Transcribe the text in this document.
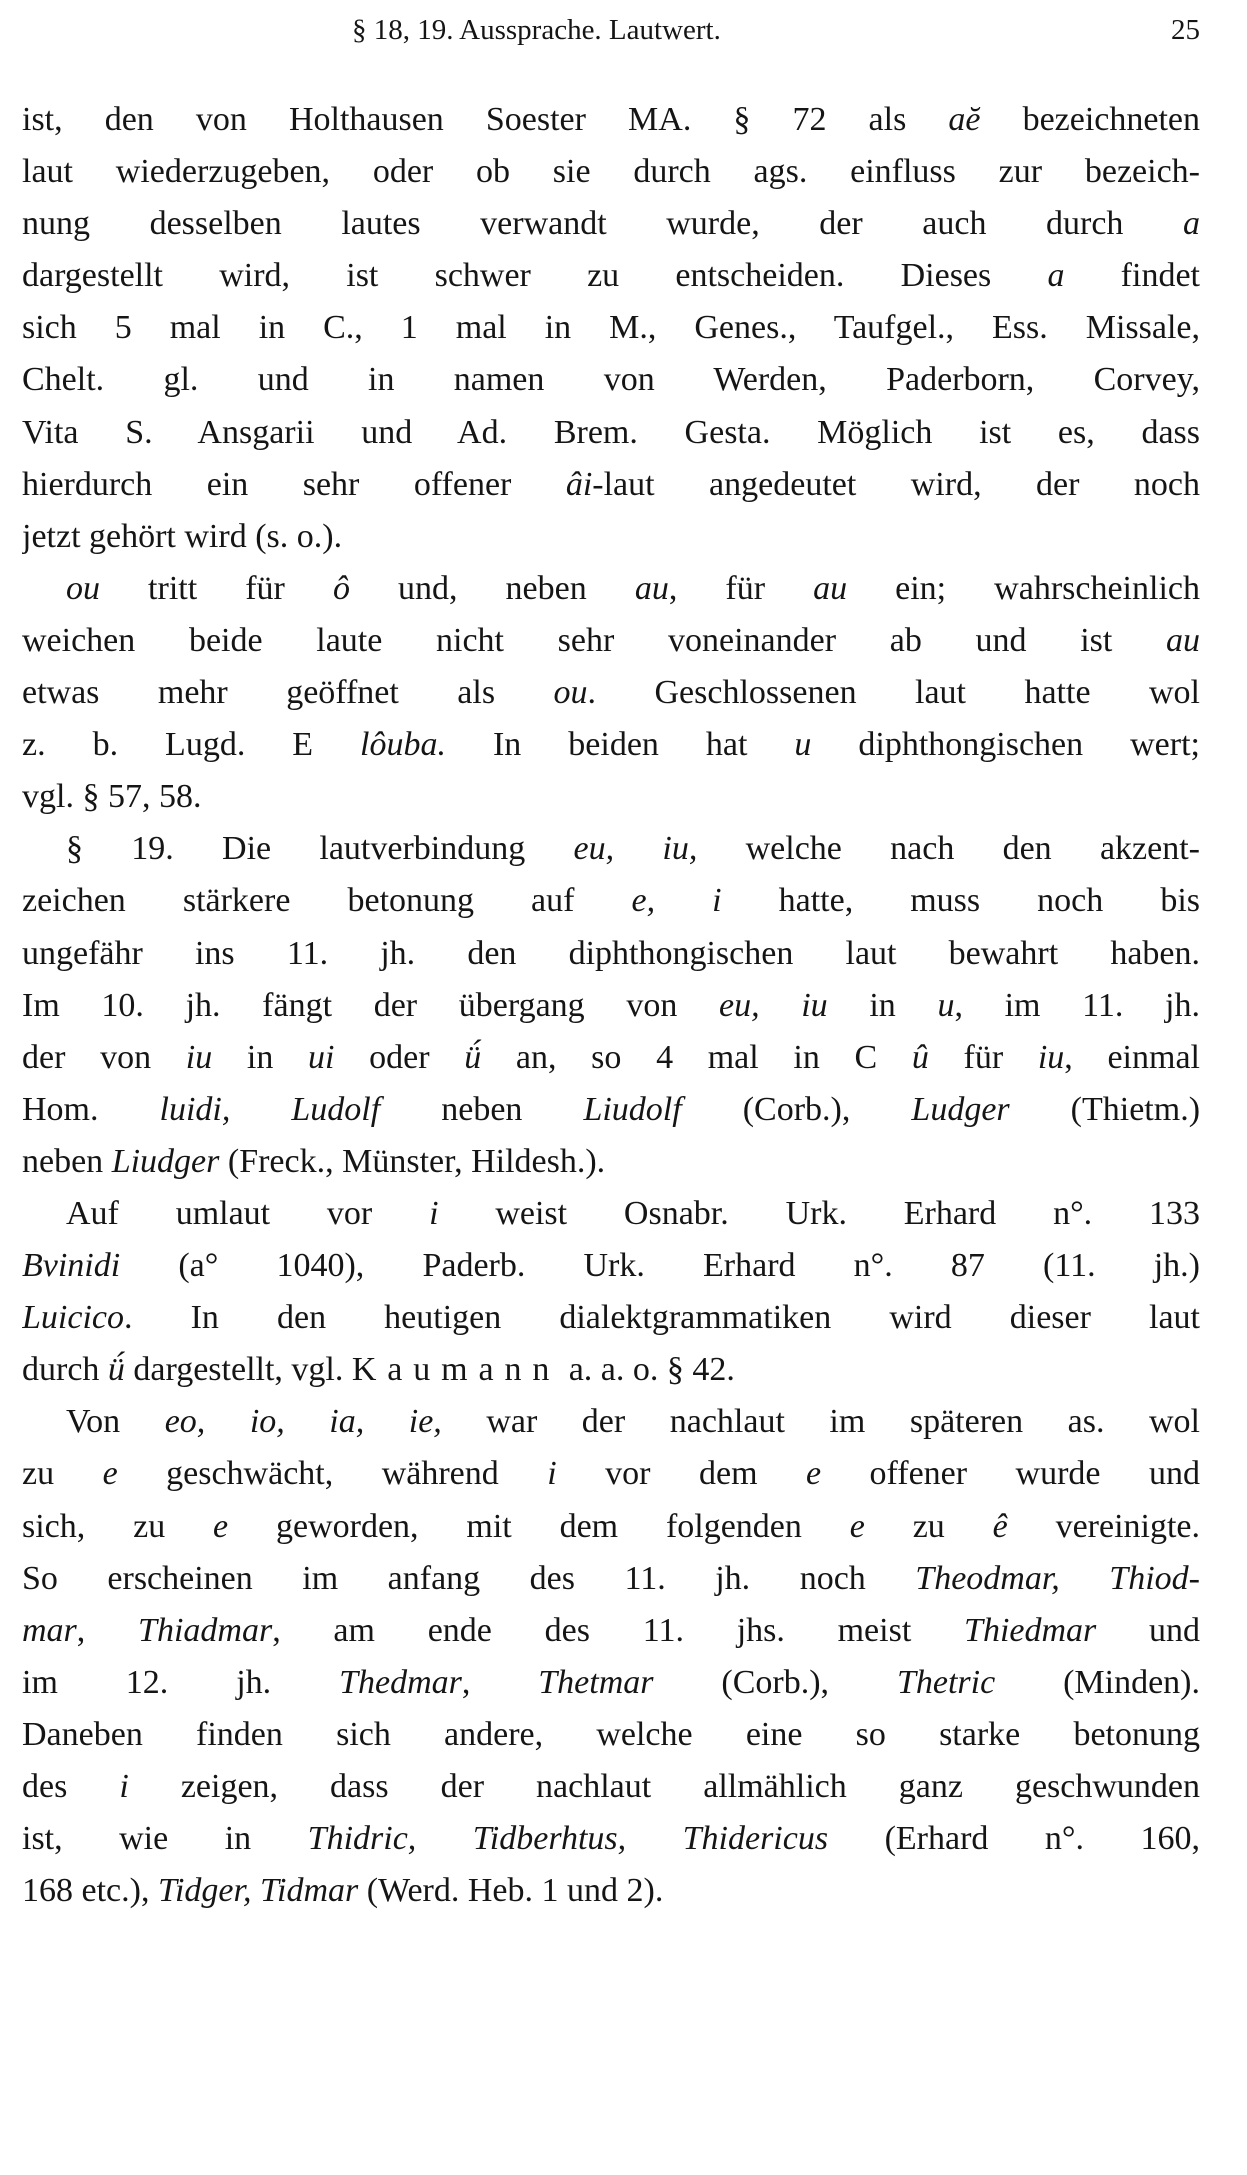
§ 18, 19. Aussprache. Lautwert.	25
ist, den von Holthausen Soester MA. § 72 als aĕ bezeichneten
laut wiederzugeben, oder ob sie durch ags. einfluss zur bezeich-
nung desselben lautes verwandt wurde, der auch durch a
dargestellt wird, ist schwer zu entscheiden. Dieses a findet
sich 5 mal in C., 1 mal in M., Genes., Taufgel., Ess. Missale,
Chelt. gl. und in namen von Werden, Paderborn, Corvey,
Vita S. Ansgarii und Ad. Brem. Gesta. Möglich ist es, dass
hierdurch ein sehr offener âi-laut angedeutet wird, der noch
jetzt gehört wird (s. o.).
ou tritt für ô und, neben au, für au ein; wahrscheinlich
weichen beide laute nicht sehr voneinander ab und ist au
etwas mehr geöffnet als ou. Geschlossenen laut hatte wol
z. b. Lugd. E lôuba. In beiden hat u diphthongischen wert;
vgl. § 57, 58.
§ 19. Die lautverbindung eu, iu, welche nach den akzent-
zeichen stärkere betonung auf e, i hatte, muss noch bis
ungefähr ins 11. jh. den diphthongischen laut bewahrt haben.
Im 10. jh. fängt der übergang von eu, iu in u, im 11. jh.
der von iu in ui oder ǘ an, so 4 mal in C û für iu, einmal
Hom. luidi, Ludolf neben Liudolf (Corb.), Ludger (Thietm.)
neben Liudger (Freck., Münster, Hildesh.).
Auf umlaut vor i weist Osnabr. Urk. Erhard n°. 133
Bvinidi (a° 1040), Paderb. Urk. Erhard n°. 87 (11. jh.)
Luicico. In den heutigen dialektgrammatiken wird dieser laut
durch ǘ dargestellt, vgl. Kaumann a. a. o. § 42.
Von eo, io, ia, ie, war der nachlaut im späteren as. wol
zu e geschwächt, während i vor dem e offener wurde und
sich, zu e geworden, mit dem folgenden e zu ê vereinigte.
So erscheinen im anfang des 11. jh. noch Theodmar, Thiod-
mar, Thiadmar, am ende des 11. jhs. meist Thiedmar und
im 12. jh. Thedmar, Thetmar (Corb.), Thetric (Minden).
Daneben finden sich andere, welche eine so starke betonung
des i zeigen, dass der nachlaut allmählich ganz geschwunden
ist, wie in Thidric, Tidberhtus, Thidericus (Erhard n°. 160,
168 etc.), Tidger, Tidmar (Werd. Heb. 1 und 2).
